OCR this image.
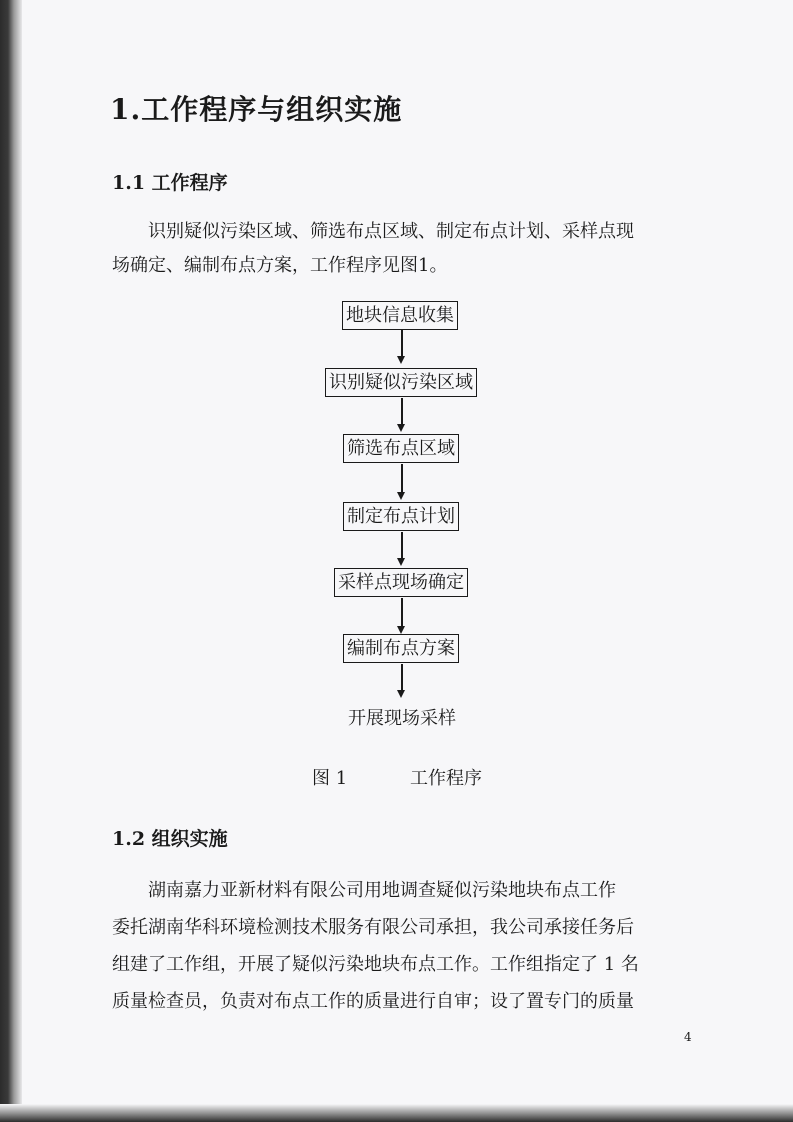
1.工作程序与组织实施
1.1 工作程序

识别疑似污染区域、筛选布点区域、制定布点计划、采样点现
场确定、编制布点方案，工作程序见图1。

地块信息收集
识别疑似污染区域
筛选布点区域
制定布点计划
采样点现场确定
编制布点方案
开展现场采样
图 1	工作程序
1.2 组织实施

湖南嘉力亚新材料有限公司用地调查疑似污染地块布点工作
委托湖南华科环境检测技术服务有限公司承担，我公司承接任务后
组建了工作组，开展了疑似污染地块布点工作。工作组指定了 1 名
质量检查员，负责对布点工作的质量进行自审；设了置专门的质量

4
